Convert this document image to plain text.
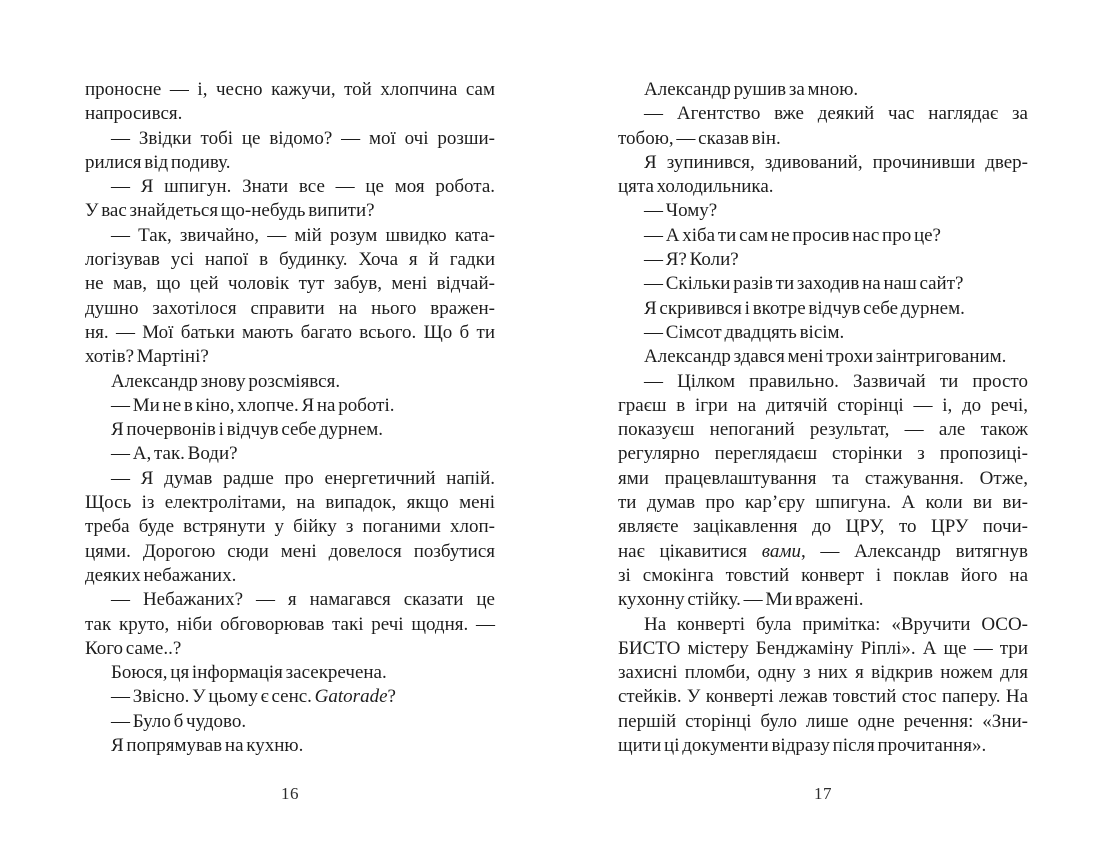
проносне — і, чесно кажучи, той хлопчина сам
напросився.
— Звідки тобі це відомо? — мої очі розши-
рилися від подиву.
— Я шпигун. Знати все — це моя робота.
У вас знайдеться що-небудь випити?
— Так, звичайно, — мій розум швидко ката-
логізував усі напої в будинку. Хоча я й гадки
не мав, що цей чоловік тут забув, мені відчай-
душно захотілося справити на нього вражен-
ня. — Мої батьки мають багато всього. Що б ти
хотів? Мартіні?
Александр знову розсміявся.
— Ми не в кіно, хлопче. Я на роботі.
Я почервонів і відчув себе дурнем.
— А, так. Води?
— Я думав радше про енергетичний напій.
Щось із електролітами, на випадок, якщо мені
треба буде встрянути у бійку з поганими хлоп-
цями. Дорогою сюди мені довелося позбутися
деяких небажаних.
— Небажаних? — я намагався сказати це
так круто, ніби обговорював такі речі щодня. —
Кого саме..?
Боюся, ця інформація засекречена.
— Звісно. У цьому є сенс. Gatorade?
— Було б чудово.
Я попрямував на кухню.
16
Александр рушив за мною.
— Агентство вже деякий час наглядає за
тобою, — сказав він.
Я зупинився, здивований, прочинивши двер-
цята холодильника.
— Чому?
— А хіба ти сам не просив нас про це?
— Я? Коли?
— Скільки разів ти заходив на наш сайт?
Я скривився і вкотре відчув себе дурнем.
— Сімсот двадцять вісім.
Александр здався мені трохи заінтригованим.
— Цілком правильно. Зазвичай ти просто
граєш в ігри на дитячій сторінці — і, до речі,
показуєш непоганий результат, — але також
регулярно переглядаєш сторінки з пропозиці-
ями працевлаштування та стажування. Отже,
ти думав про кар’єру шпигуна. А коли ви ви-
являєте зацікавлення до ЦРУ, то ЦРУ почи-
нає цікавитися вами, — Александр витягнув
зі смокінга товстий конверт і поклав його на
кухонну стійку. — Ми вражені.
На конверті була примітка: «Вручити ОСО-
БИСТО містеру Бенджаміну Ріплі». А ще — три
захисні пломби, одну з них я відкрив ножем для
стейків. У конверті лежав товстий стос паперу. На
першій сторінці було лише одне речення: «Зни-
щити ці документи відразу після прочитання».
17
